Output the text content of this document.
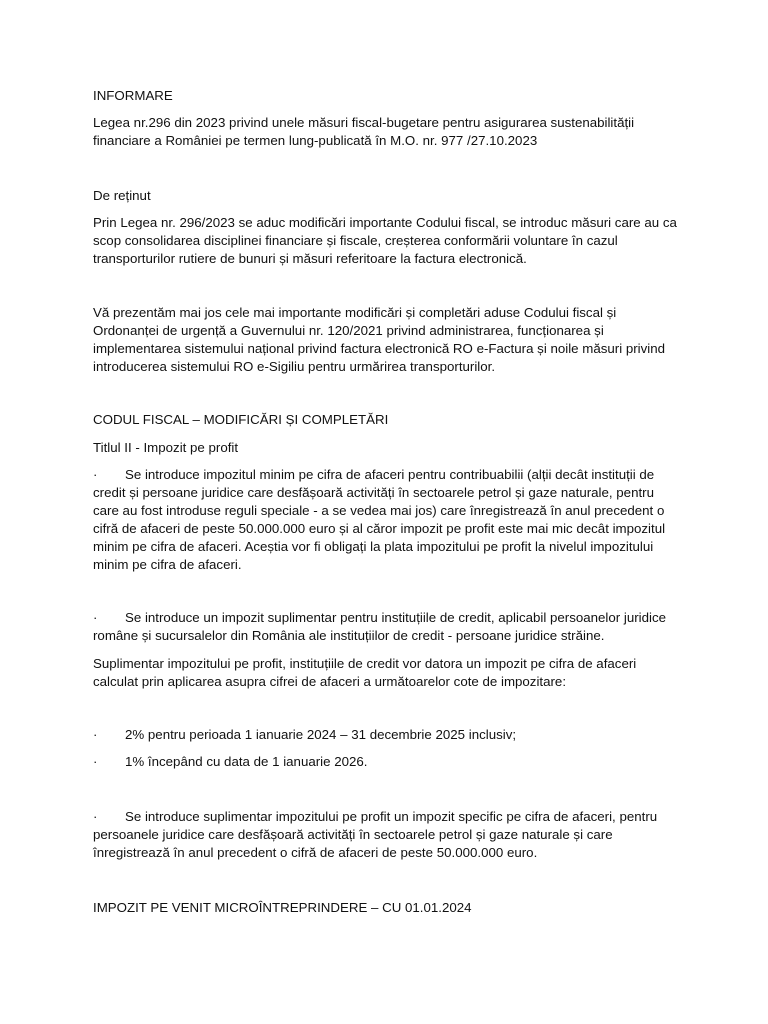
INFORMARE

Legea nr.296 din 2023 privind unele măsuri fiscal-bugetare pentru asigurarea sustenabilității financiare a României pe termen lung-publicată în M.O. nr. 977 /27.10.2023

De reținut

Prin Legea nr. 296/2023 se aduc modificări importante Codului fiscal, se introduc măsuri care au ca scop consolidarea disciplinei financiare și fiscale, creșterea conformării voluntare în cazul transporturilor rutiere de bunuri și măsuri referitoare la factura electronică.

Vă prezentăm mai jos cele mai importante modificări și completări aduse Codului fiscal și Ordonanței de urgență a Guvernului nr. 120/2021 privind administrarea, funcționarea și implementarea sistemului național privind factura electronică RO e-Factura și noile măsuri privind introducerea sistemului RO e-Sigiliu pentru urmărirea transporturilor.

CODUL FISCAL – MODIFICĂRI ȘI COMPLETĂRI

Titlul II - Impozit pe profit

·	Se introduce impozitul minim pe cifra de afaceri pentru contribuabilii (alții decât instituții de credit și persoane juridice care desfășoară activități în sectoarele petrol și gaze naturale, pentru care au fost introduse reguli speciale - a se vedea mai jos) care înregistrează în anul precedent o cifră de afaceri de peste 50.000.000 euro și al căror impozit pe profit este mai mic decât impozitul minim pe cifra de afaceri. Aceștia vor fi obligați la plata impozitului pe profit la nivelul impozitului minim pe cifra de afaceri.
·	Se introduce un impozit suplimentar pentru instituțiile de credit, aplicabil persoanelor juridice române și sucursalelor din România ale instituțiilor de credit - persoane juridice străine.

Suplimentar impozitului pe profit, instituțiile de credit vor datora un impozit pe cifra de afaceri calculat prin aplicarea asupra cifrei de afaceri a următoarelor cote de impozitare:

·	2% pentru perioada 1 ianuarie 2024 – 31 decembrie 2025 inclusiv;
·	1% începând cu data de 1 ianuarie 2026.
·	Se introduce suplimentar impozitului pe profit un impozit specific pe cifra de afaceri, pentru persoanele juridice care desfășoară activități în sectoarele petrol și gaze naturale și care înregistrează în anul precedent o cifră de afaceri de peste 50.000.000 euro.

IMPOZIT PE VENIT MICROÎNTREPRINDERE – CU 01.01.2024
